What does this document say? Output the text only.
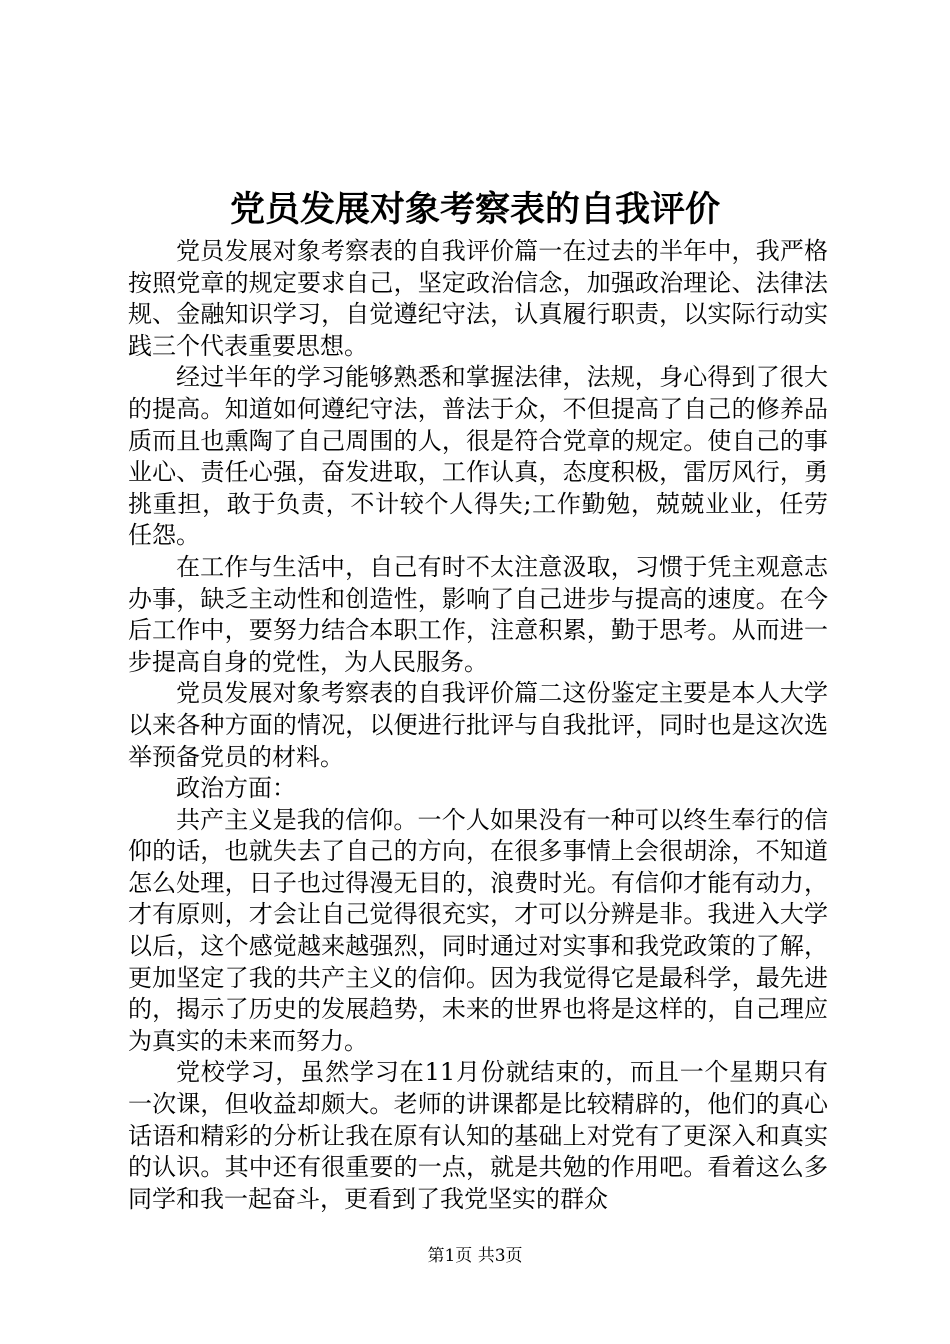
党员发展对象考察表的自我评价

党员发展对象考察表的自我评价篇一在过去的半年中，我严格按照党章的规定要求自己，坚定政治信念，加强政治理论、法律法规、金融知识学习，自觉遵纪守法，认真履行职责，以实际行动实践三个代表重要思想。

经过半年的学习能够熟悉和掌握法律，法规，身心得到了很大的提高。知道如何遵纪守法，普法于众，不但提高了自己的修养品质而且也熏陶了自己周围的人，很是符合党章的规定。使自己的事业心、责任心强，奋发进取，工作认真，态度积极，雷厉风行，勇挑重担，敢于负责，不计较个人得失;工作勤勉，兢兢业业，任劳任怨。

在工作与生活中，自己有时不太注意汲取，习惯于凭主观意志办事，缺乏主动性和创造性，影响了自己进步与提高的速度。在今后工作中，要努力结合本职工作，注意积累，勤于思考。从而进一步提高自身的党性，为人民服务。

党员发展对象考察表的自我评价篇二这份鉴定主要是本人大学以来各种方面的情况，以便进行批评与自我批评，同时也是这次选举预备党员的材料。

政治方面：

共产主义是我的信仰。一个人如果没有一种可以终生奉行的信仰的话，也就失去了自己的方向，在很多事情上会很胡涂，不知道怎么处理，日子也过得漫无目的，浪费时光。有信仰才能有动力，才有原则，才会让自己觉得很充实，才可以分辨是非。我进入大学以后，这个感觉越来越强烈，同时通过对实事和我党政策的了解，更加坚定了我的共产主义的信仰。因为我觉得它是最科学，最先进的，揭示了历史的发展趋势，未来的世界也将是这样的，自己理应为真实的未来而努力。

党校学习，虽然学习在11月份就结束的，而且一个星期只有一次课，但收益却颇大。老师的讲课都是比较精辟的，他们的真心话语和精彩的分析让我在原有认知的基础上对党有了更深入和真实的认识。其中还有很重要的一点，就是共勉的作用吧。看着这么多同学和我一起奋斗，更看到了我党坚实的群众

第1页 共3页
